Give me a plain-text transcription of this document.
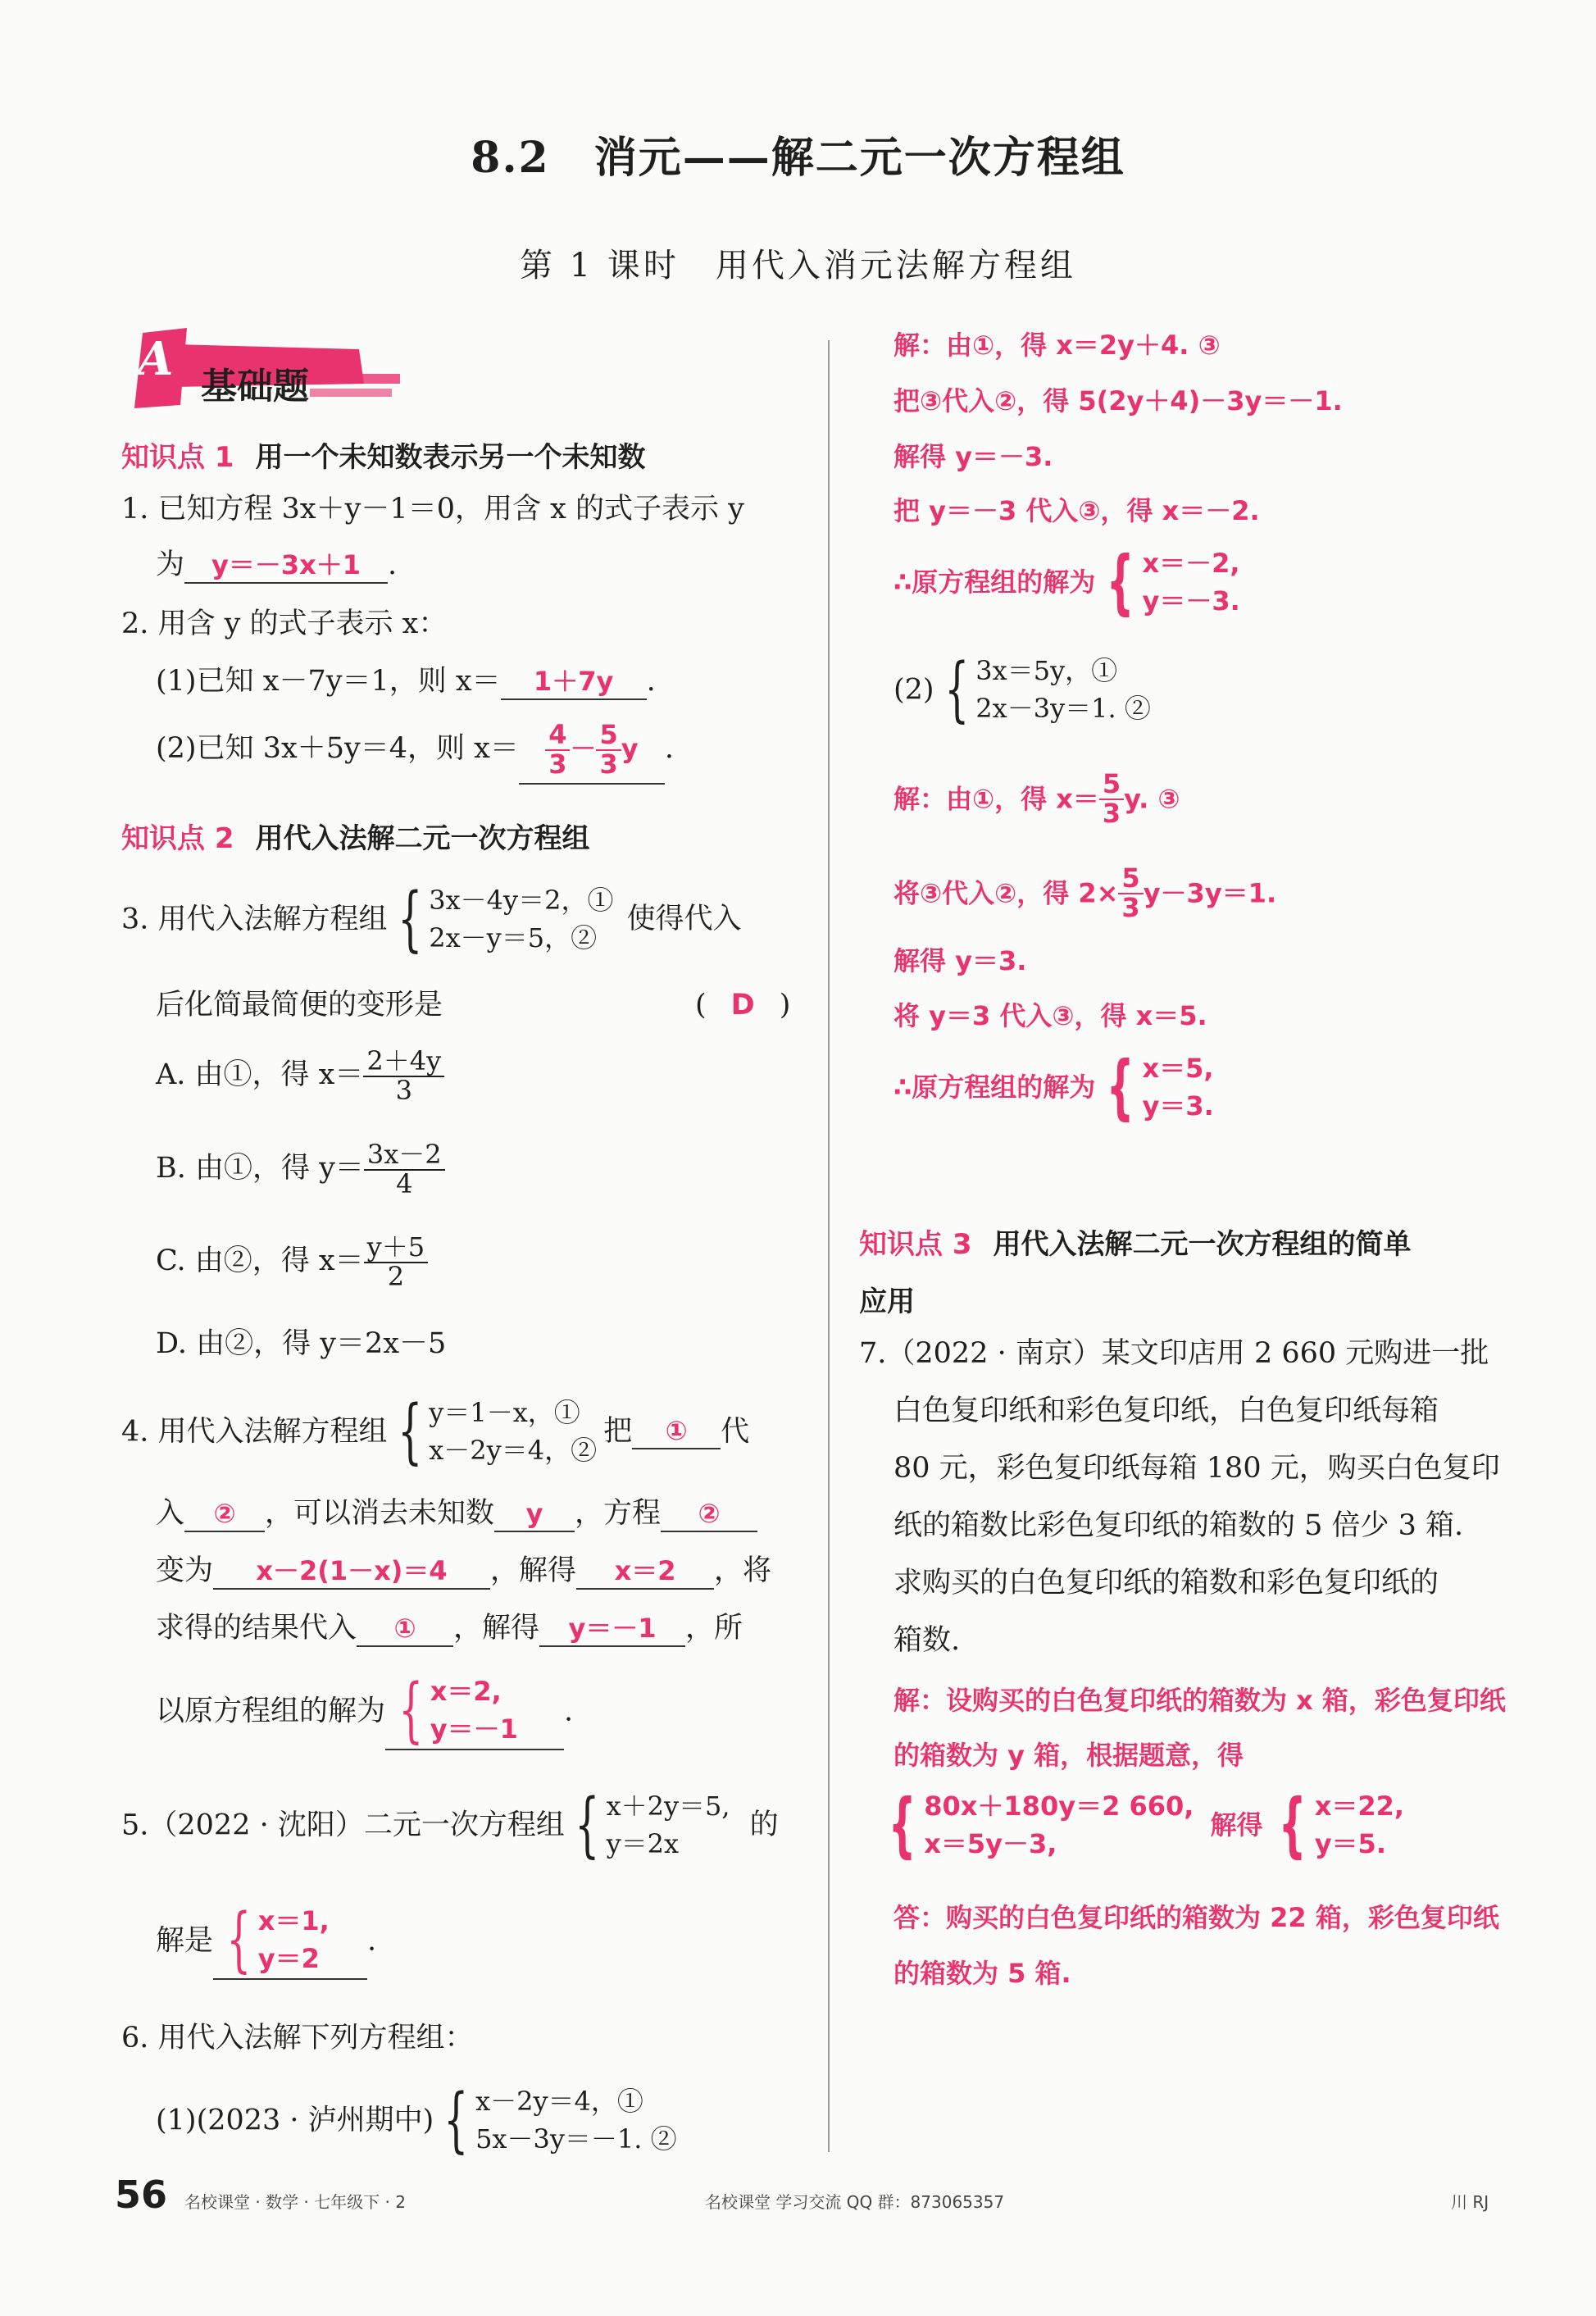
8.2　消元——解二元一次方程组
第 1 课时　用代入消元法解方程组
A
基础题
知识点 1 用一个未知数表示另一个未知数
1. 已知方程 3x＋y－1＝0，用含 x 的式子表示 y
为 y＝－3x＋1 .
2. 用含 y 的式子表示 x：
(1)已知 x－7y＝1，则 x＝ 1＋7y .
(2)已知 3x＋5y＝4，则 $x= \frac{4}{3} - \frac{5}{3}$ y .
知识点 2 用代入法解二元一次方程组
3. 用代入法解方程组 { 3x－4y＝2，①
2x－y＝5，②
使得代入
后化简最简便的变形是	( D )
A. 由①，得 $x= \frac{2+4y}{3}$
B. 由①，得 $y= \frac{3x-2}{4}$
C. 由②，得 $x= \frac{y+5}{2}$
D. 由②，得 y＝2x－5
4. 用代入法解方程组 { y＝1－x，①
x－2y＝4，②
把 ① 代
入 ② ，可以消去未知数 y ，方程 ②
变为 x－2(1－x)＝4 ，解得 x＝2 ，将
求得的结果代入 ① ，解得 y＝－1 ，所
以原方程组的解为 { x＝2,
y＝－1
.
5.（2022 · 沈阳）二元一次方程组 { x＋2y＝5,
y＝2x
的
解是 { x＝1,
y＝2
.
6. 用代入法解下列方程组：
(1)(2023 · 泸州期中) { x－2y＝4，①
5x－3y＝－1. ②
解：由①，得 x＝2y＋4. ③
把③代入②，得 5(2y＋4)－3y＝－1.
解得 y＝－3.
把 y＝－3 代入③，得 x＝－2.
∴原方程组的解为 { x＝－2,
y＝－3.
(2) { 3x＝5y，①
2x－3y＝1. ②
解：由①，得 $x= \frac{5}{3} y$. ③
将③代入②，得 $2\times \frac{5}{3} y-3y=1$.
解得 y＝3.
将 y＝3 代入③，得 x＝5.
∴原方程组的解为 { x＝5,
y＝3.
知识点 3 用代入法解二元一次方程组的简单
应用
7.（2022 · 南京）某文印店用 2 660 元购进一批
白色复印纸和彩色复印纸，白色复印纸每箱
80 元，彩色复印纸每箱 180 元，购买白色复印
纸的箱数比彩色复印纸的箱数的 5 倍少 3 箱.
求购买的白色复印纸的箱数和彩色复印纸的
箱数.
解：设购买的白色复印纸的箱数为 x 箱，彩色复印纸
的箱数为 y 箱，根据题意，得
{ 80x＋180y＝2 660,
x＝5y－3,
解得 { x＝22,
y＝5.
答：购买的白色复印纸的箱数为 22 箱，彩色复印纸
的箱数为 5 箱.
56 名校课堂 · 数学 · 七年级下 · 2	名校课堂 学习交流 QQ 群：873065357	川 RJ
